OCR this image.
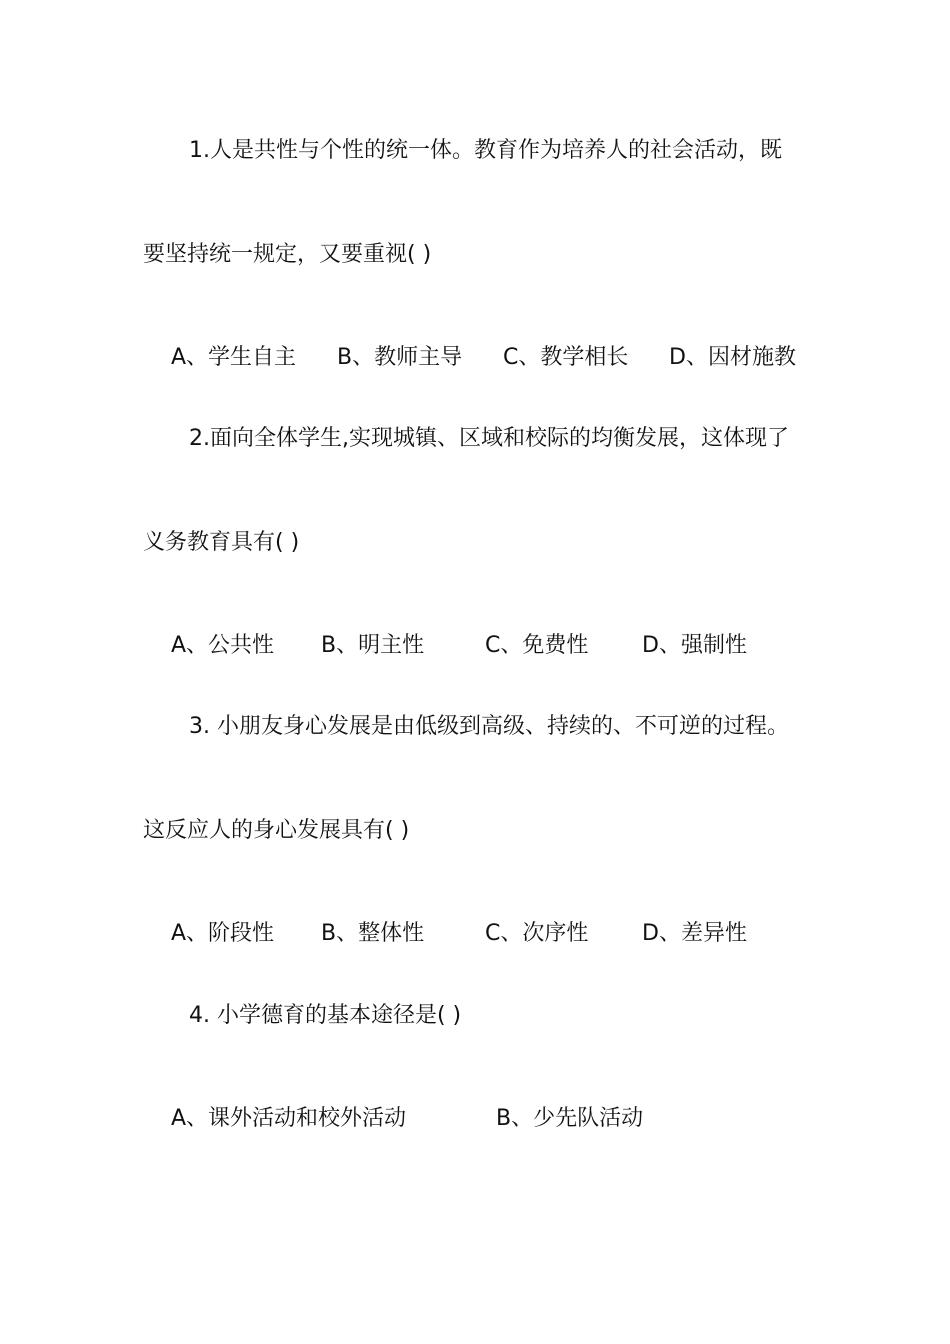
1.人是共性与个性的统一体。教育作为培养人的社会活动，既
要坚持统一规定，又要重视( )
A、学生自主 B、教师主导 C、教学相长 D、因材施教
2.面向全体学生,实现城镇、区域和校际的均衡发展，这体现了
义务教育具有( )
A、公共性 B、明主性	C、免费性 D、强制性
3. 小朋友身心发展是由低级到高级、持续的、不可逆的过程。
这反应人的身心发展具有( )
A、阶段性 B、整体性	C、次序性 D、差异性
4. 小学德育的基本途径是( )
A、课外活动和校外活动	B、少先队活动
